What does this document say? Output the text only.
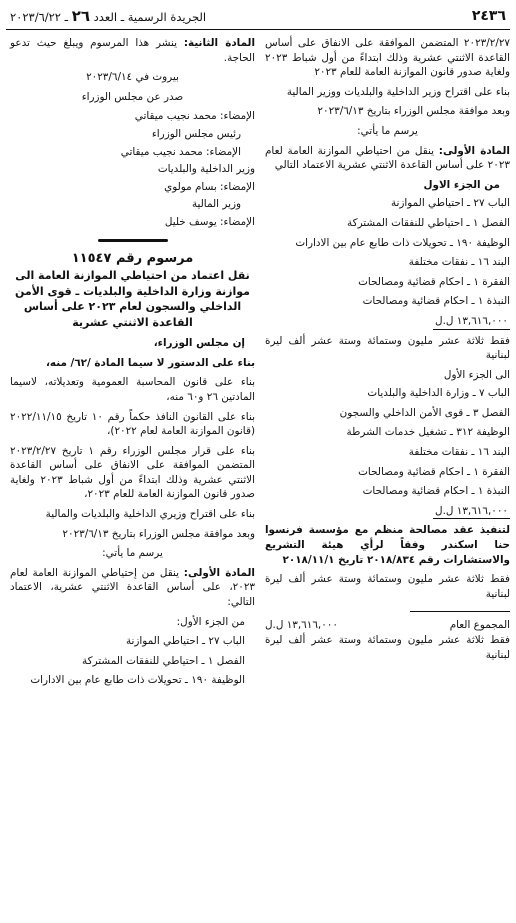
٢٤٣٦
الجريدة الرسمية ـ العدد ٢٦ ـ ٢٠٢٣/٦/٢٢

٢٠٢٣/٢/٢٧ المتضمن الموافقة على الانفاق على أساس القاعدة الاثنتي عشرية وذلك ابتداءً من أول شباط ٢٠٢٣ ولغاية صدور قانون الموازنة العامة للعام ٢٠٢٣

بناء على اقتراح وزير الداخلية والبلديات ووزير المالية

وبعد موافقة مجلس الوزراء بتاريخ ٢٠٢٣/٦/١٣

يرسم ما يأتي:

المادة الأولى: ينقل من احتياطي الموازنة العامة لعام ٢٠٢٣ على أساس القاعدة الاثنتي عشرية الاعتماد التالي

من الجزء الاول

الباب ٢٧ ـ احتياطي الموازنة

الفصل ١ ـ احتياطي للنفقات المشتركة

الوظيفة ١٩٠ ـ تحويلات ذات طابع عام بين الادارات

البند ١٦ ـ نفقات مختلفة

الفقرة ١ ـ احكام قضائية ومصالحات

النبذة ١ ـ احكام قضائية ومصالحات

١٣,٦١٦,٠٠٠ ل.ل

فقط ثلاثة عشر مليون وستمائة وستة عشر ألف ليرة لبنانية

الى الجزء الأول

الباب ٧ ـ وزارة الداخلية والبلديات

الفصل ٣ ـ قوى الأمن الداخلي والسجون

الوظيفة ٣١٢ ـ تشغيل خدمات الشرطة

البند ١٦ ـ نفقات مختلفة

الفقرة ١ ـ احكام قضائية ومصالحات

النبذة ١ ـ احكام قضائية ومصالحات

١٣,٦١٦,٠٠٠ ل.ل

لتنفيذ عقد مصالحة منظم مع مؤسسة فرنسوا حنا اسكندر وفقاً لرأي هيئة التشريع والاستشارات رقم ٢٠١٨/٨٣٤ تاريخ ٢٠١٨/١١/١

فقط ثلاثة عشر مليون وستمائة وستة عشر ألف ليرة لبنانية

المجموع العام
١٣,٦١٦,٠٠٠ ل.ل

فقط ثلاثة عشر مليون وستمائة وستة عشر ألف ليرة لبنانية

المادة الثانية: ينشر هذا المرسوم ويبلغ حيث تدعو الحاجة.

بيروت في ٢٠٢٣/٦/١٤

صدر عن مجلس الوزراء

الإمضاء: محمد نجيب ميقاتي

رئيس مجلس الوزراء

الإمضاء: محمد نجيب ميقاتي

وزير الداخلية والبلديات

الإمضاء: بسام مولوي

وزير المالية

الإمضاء: يوسف خليل

مرسوم رقم ١١٥٤٧
نقل اعتماد من احتياطي الموازنة العامة الى موازنة وزارة الداخلية والبلديات ـ قوى الأمن الداخلي والسجون لعام ٢٠٢٣ على أساس القاعدة الاثنتي عشرية

إن مجلس الوزراء،

بناء على الدستور لا سيما المادة /٦٢/ منه،

بناء على قانون المحاسبة العمومية وتعديلاته، لاسيما المادتين ٢٦ و٦٠ منه،

بناء على القانون النافذ حكماً رقم ١٠ تاريخ ٢٠٢٢/١١/١٥ (قانون الموازنة العامة لعام ٢٠٢٢)،

بناء على قرار مجلس الوزراء رقم ١ تاريخ ٢٠٢٣/٢/٢٧ المتضمن الموافقة على الانفاق على أساس القاعدة الاثنتي عشرية وذلك ابتداءً من أول شباط ٢٠٢٣ ولغاية صدور قانون الموازنة العامة للعام ٢٠٢٣،

بناء على اقتراح وزيري الداخلية والبلديات والمالية

وبعد موافقة مجلس الوزراء بتاريخ ٢٠٢٣/٦/١٣

يرسم ما يأتي:

المادة الأولى: ينقل من إحتياطي الموازنة العامة لعام ٢٠٢٣، على أساس القاعدة الاثنتي عشرية، الاعتماد التالي:

من الجزء الأول:

الباب ٢٧ ـ احتياطي الموازنة

الفصل ١ ـ احتياطي للنفقات المشتركة

الوظيفة ١٩٠ ـ تحويلات ذات طابع عام بين الادارات
